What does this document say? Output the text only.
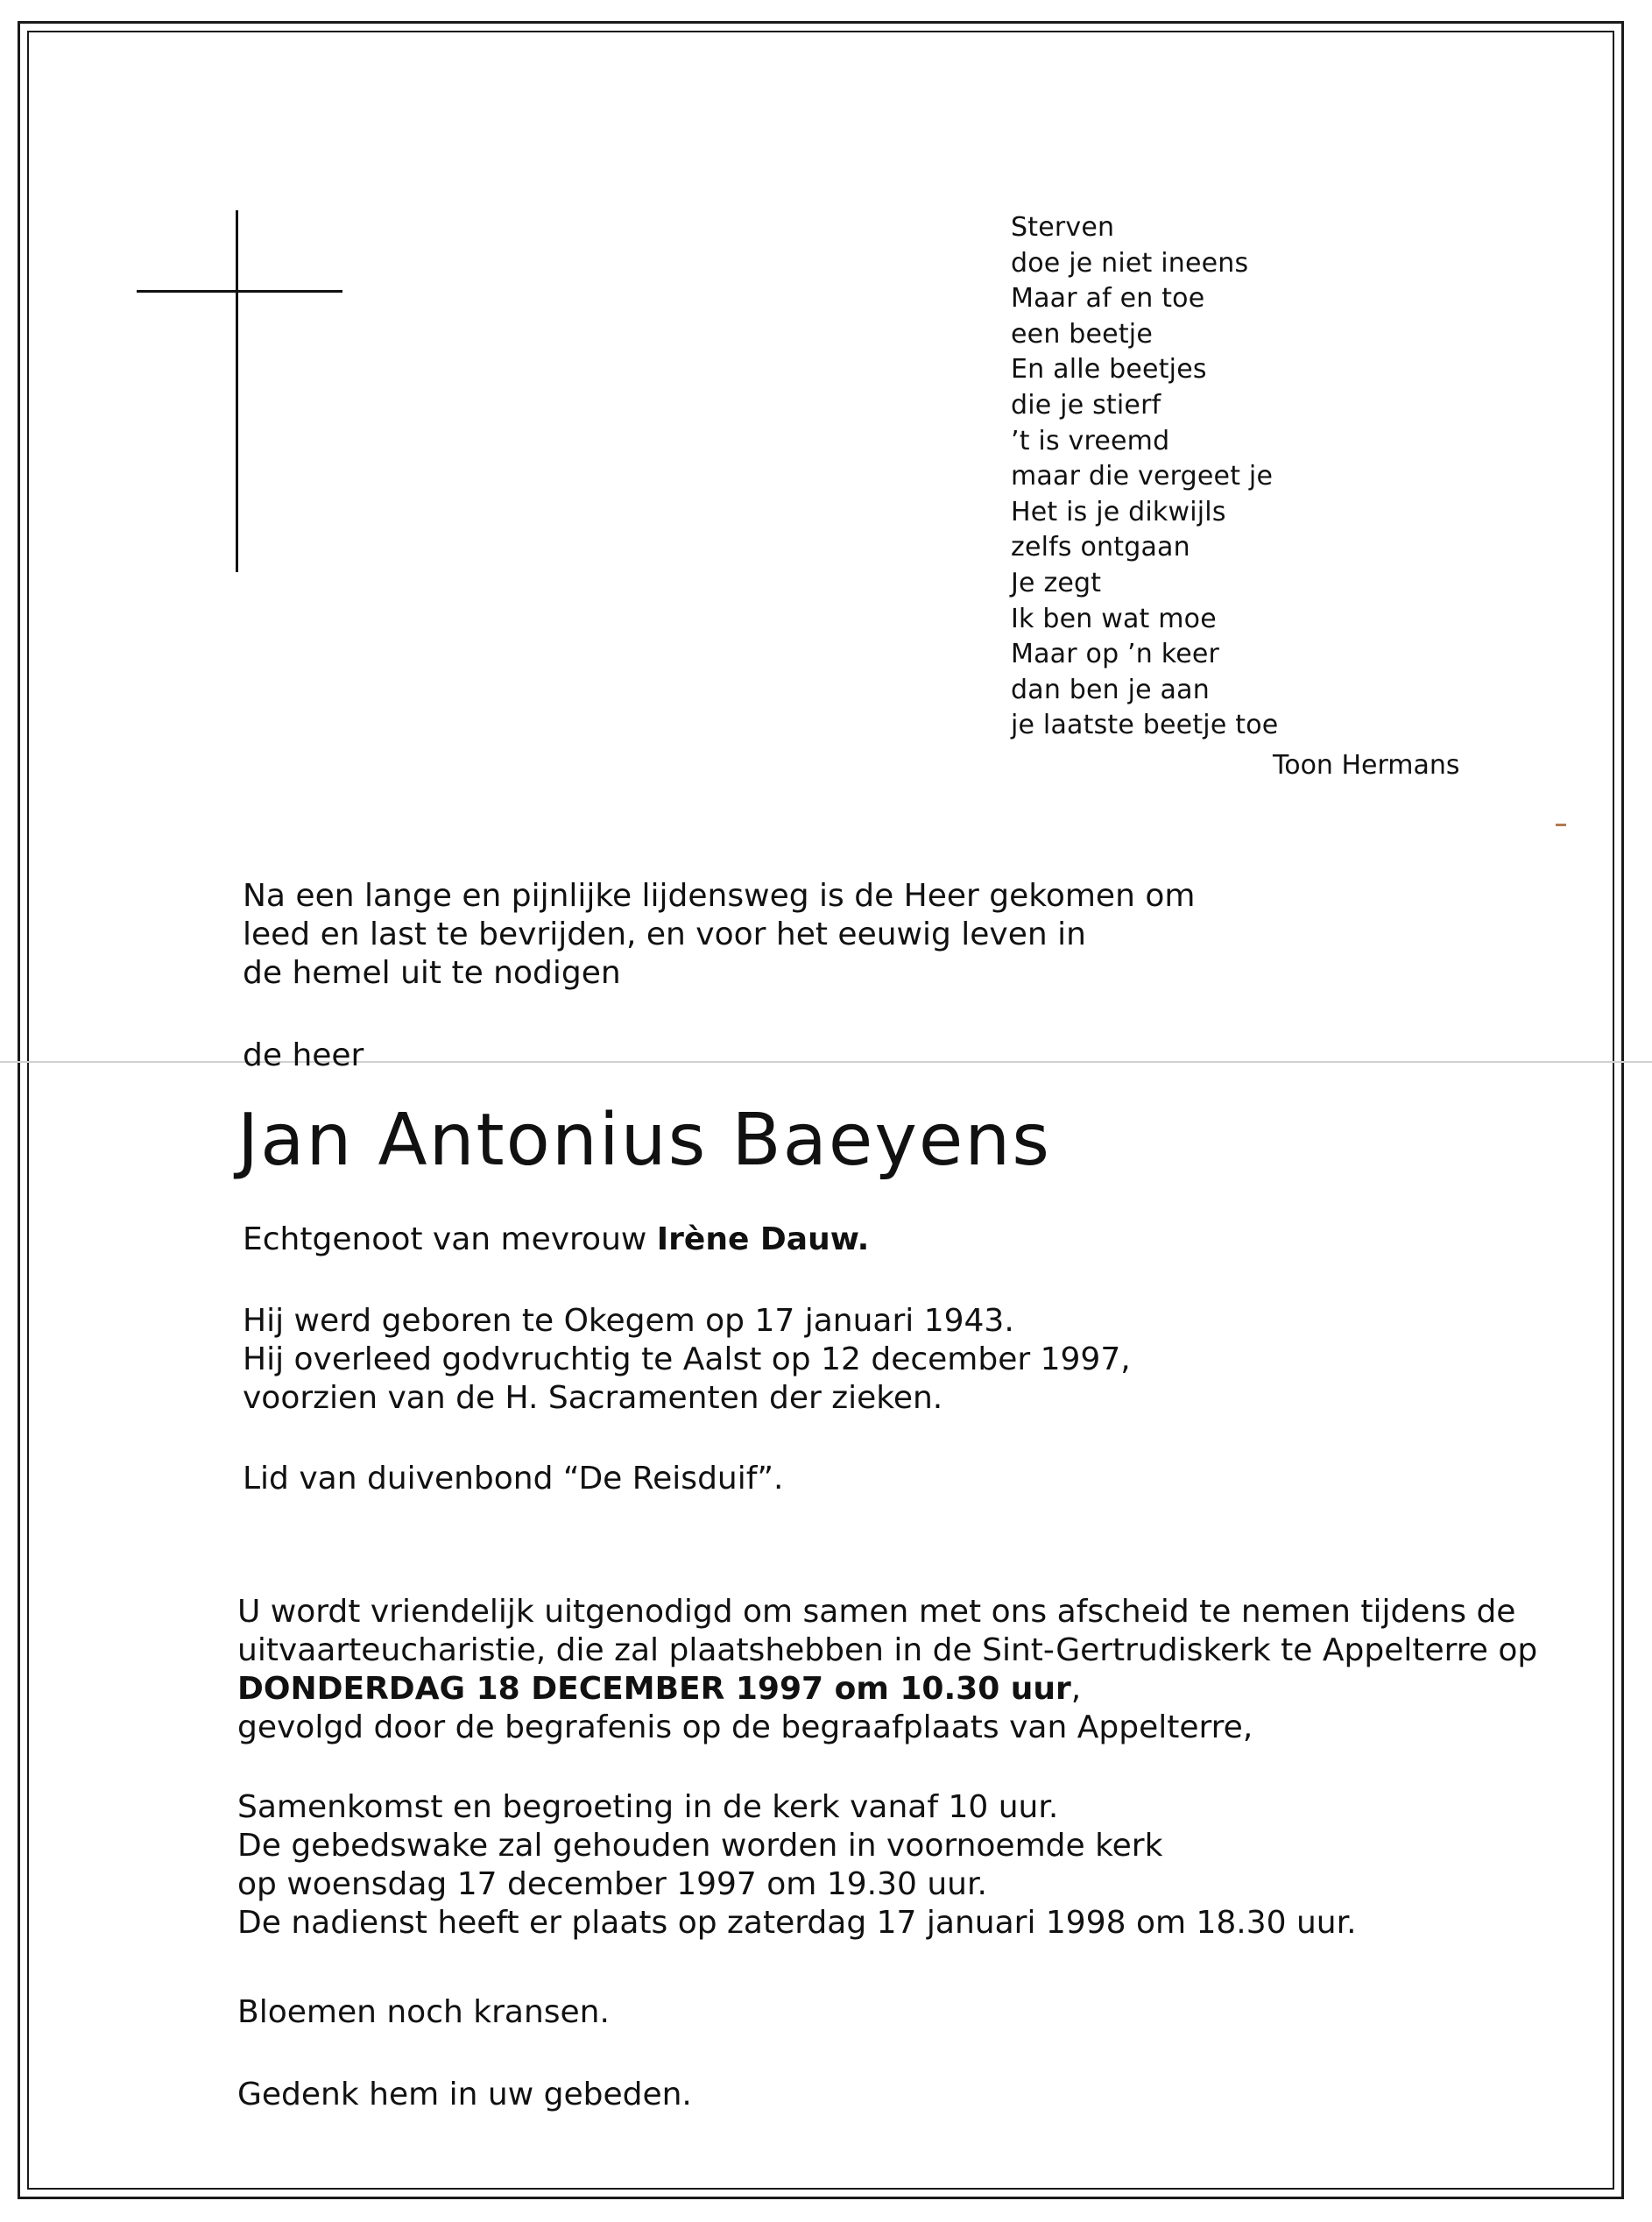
Sterven
doe je niet ineens
Maar af en toe
een beetje
En alle beetjes
die je stierf
’t is vreemd
maar die vergeet je
Het is je dikwijls
zelfs ontgaan
Je zegt
Ik ben wat moe
Maar op ’n keer
dan ben je aan
je laatste beetje toe
Toon Hermans
Na een lange en pijnlijke lijdensweg is de Heer gekomen om
leed en last te bevrijden, en voor het eeuwig leven in
de hemel uit te nodigen
de heer
Jan Antonius Baeyens
Echtgenoot van mevrouw Irène Dauw.
Hij werd geboren te Okegem op 17 januari 1943.
Hij overleed godvruchtig te Aalst op 12 december 1997,
voorzien van de H. Sacramenten der zieken.
Lid van duivenbond “De Reisduif”.
U wordt vriendelijk uitgenodigd om samen met ons afscheid te nemen tijdens de
uitvaarteucharistie, die zal plaatshebben in de Sint-Gertrudiskerk te Appelterre op
DONDERDAG 18 DECEMBER 1997 om 10.30 uur,
gevolgd door de begrafenis op de begraafplaats van Appelterre,
Samenkomst en begroeting in de kerk vanaf 10 uur.
De gebedswake zal gehouden worden in voornoemde kerk
op woensdag 17 december 1997 om 19.30 uur.
De nadienst heeft er plaats op zaterdag 17 januari 1998 om 18.30 uur.
Bloemen noch kransen.
Gedenk hem in uw gebeden.
